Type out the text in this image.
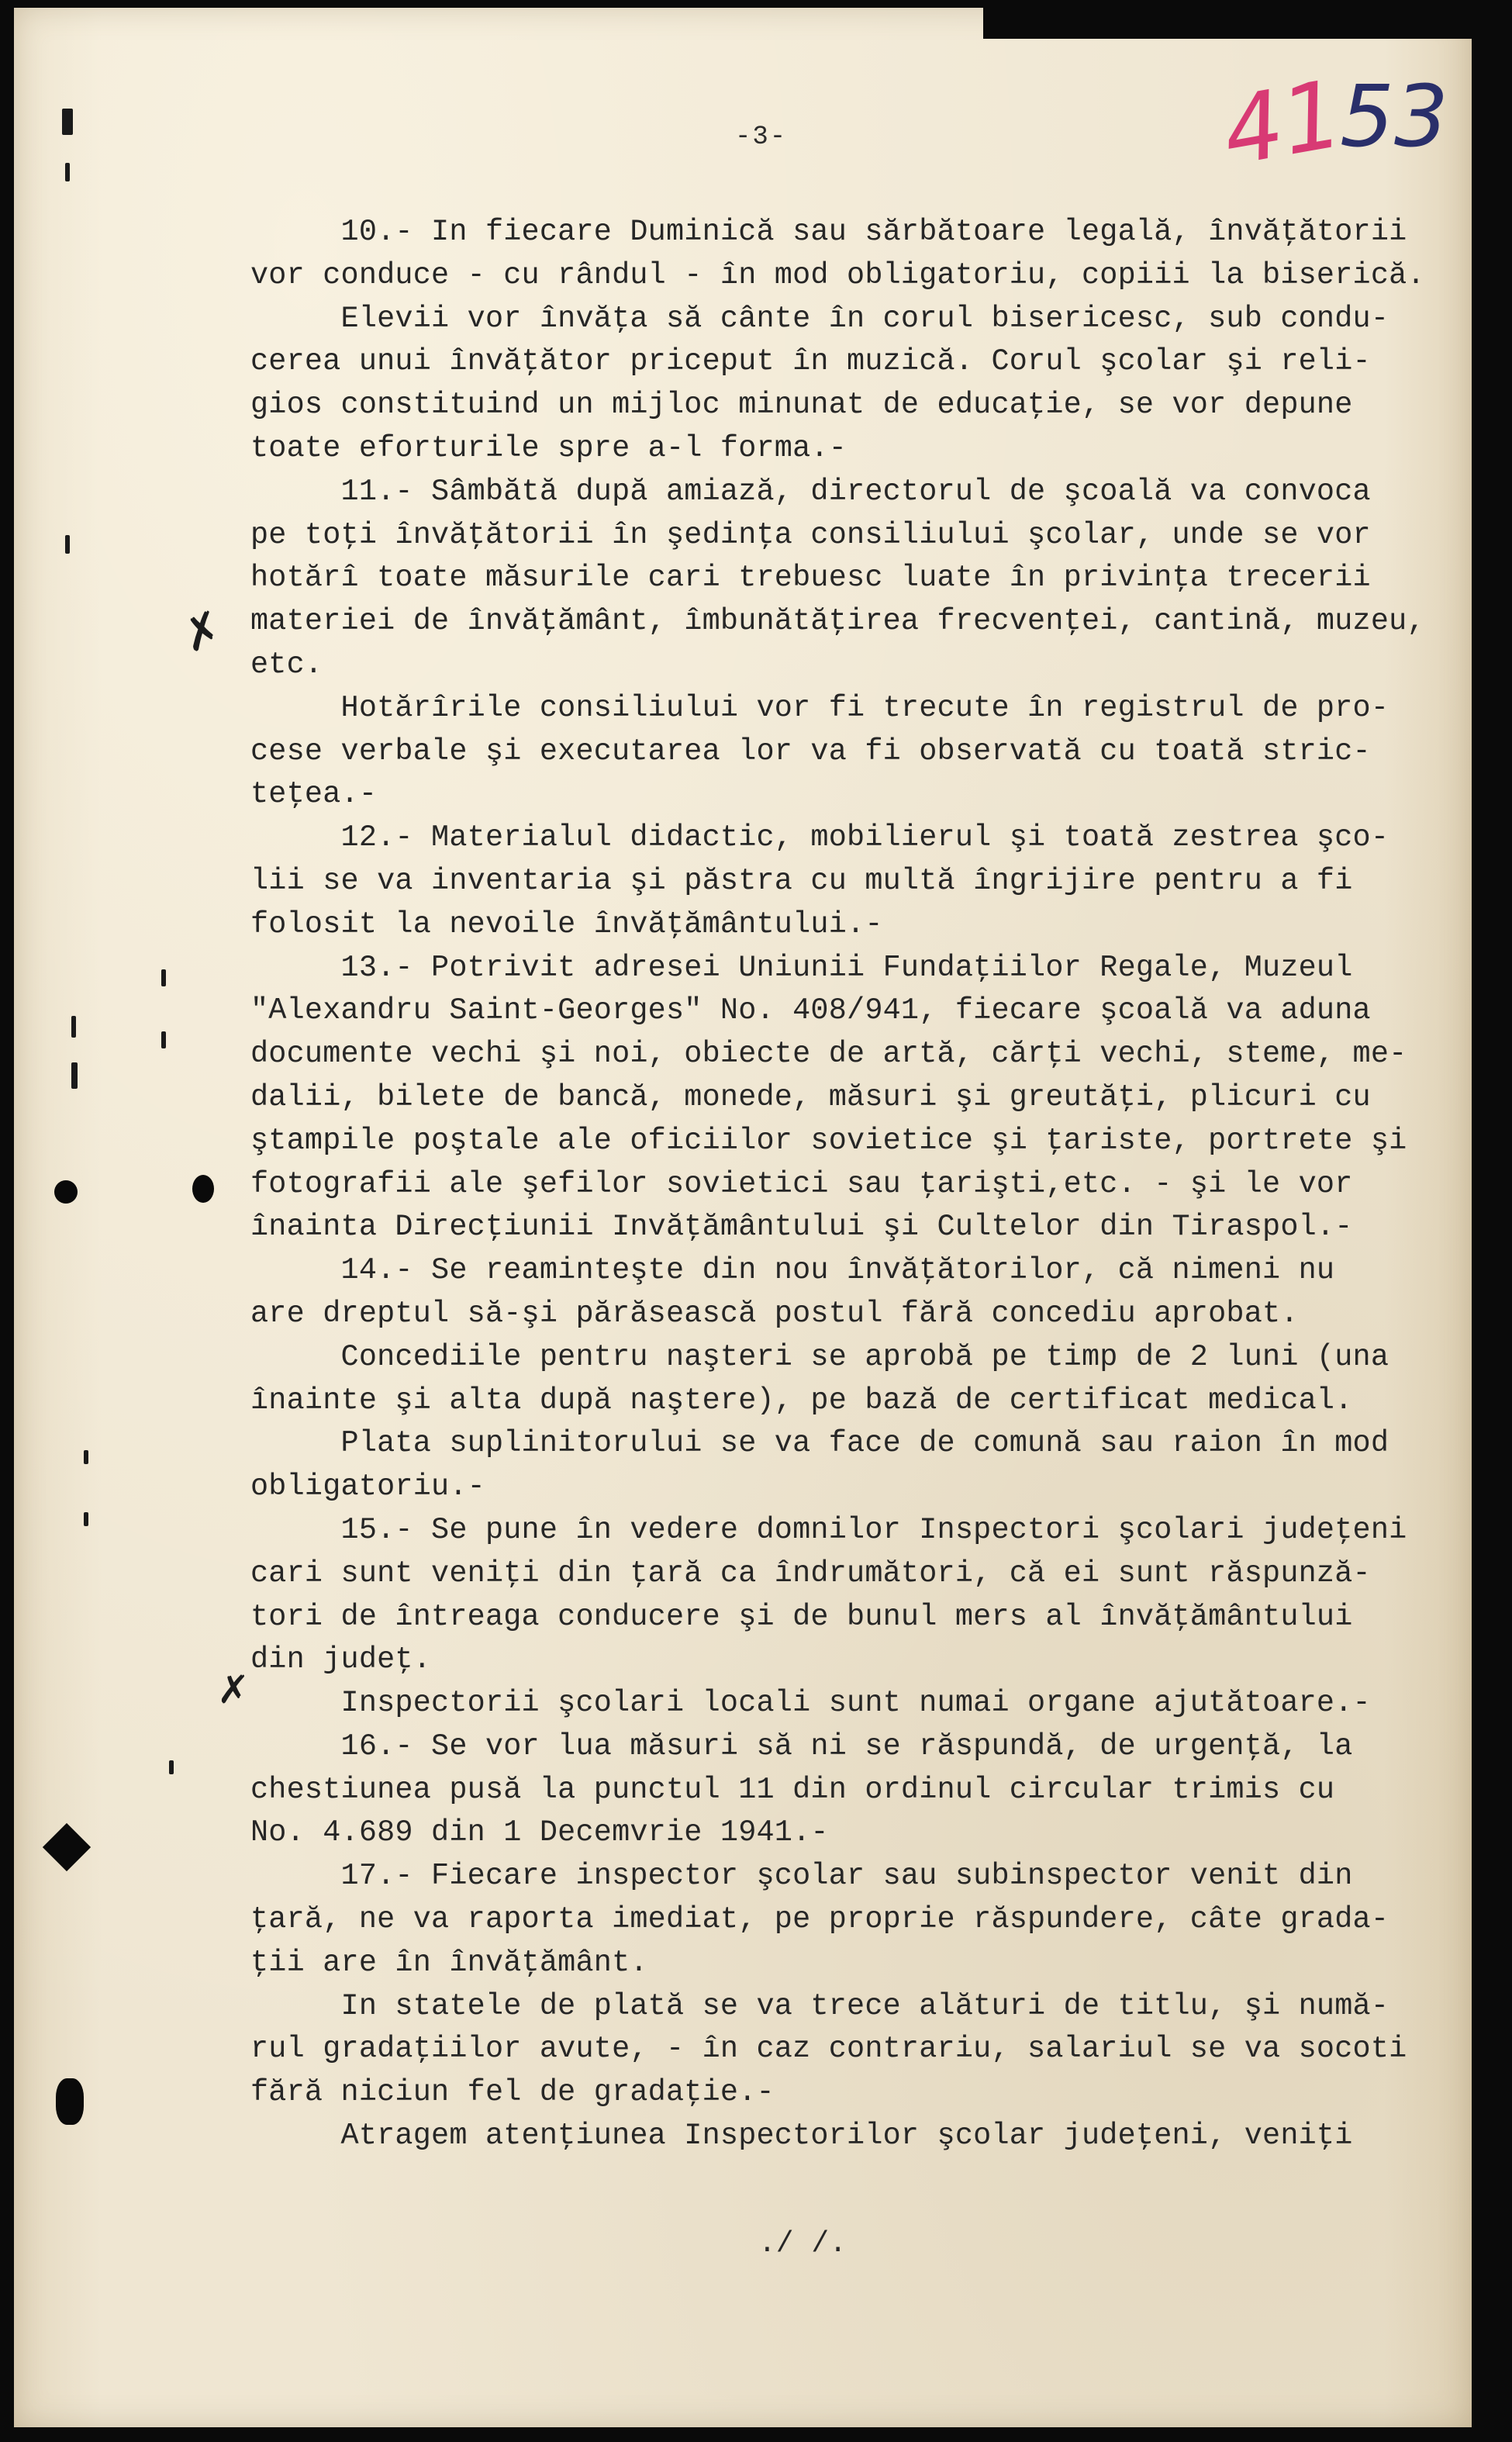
-3-	41
53
10.- In fiecare Duminică sau sărbătoare legală, învăţătorii
vor conduce - cu rândul - în mod obligatoriu, copiii la biserică.
Elevii vor învăţa să cânte în corul bisericesc, sub condu-
cerea unui învăţător priceput în muzică. Corul şcolar şi reli-
gios constituind un mijloc minunat de educaţie, se vor depune
toate eforturile spre a-l forma.-
11.- Sâmbătă după amiază, directorul de şcoală va convoca
pe toţi învăţătorii în şedinţa consiliului şcolar, unde se vor
hotărî toate măsurile cari trebuesc luate în privinţa trecerii
materiei de învăţământ, îmbunătăţirea frecvenţei, cantină, muzeu,
etc.
Hotărîrile consiliului vor fi trecute în registrul de pro-
cese verbale şi executarea lor va fi observată cu toată stric-
teţea.-
12.- Materialul didactic, mobilierul şi toată zestrea şco-
lii se va inventaria şi păstra cu multă îngrijire pentru a fi
folosit la nevoile învăţământului.-
13.- Potrivit adresei Uniunii Fundaţiilor Regale, Muzeul
"Alexandru Saint-Georges" No. 408/941, fiecare şcoală va aduna
documente vechi şi noi, obiecte de artă, cărţi vechi, steme, me-
dalii, bilete de bancă, monede, măsuri şi greutăţi, plicuri cu
ştampile poştale ale oficiilor sovietice şi ţariste, portrete şi
fotografii ale şefilor sovietici sau ţarişti,etc. - şi le vor
înainta Direcţiunii Invăţământului şi Cultelor din Tiraspol.-
14.- Se reaminteşte din nou învăţătorilor, că nimeni nu
are dreptul să-şi părăsească postul fără concediu aprobat.
Concediile pentru naşteri se aprobă pe timp de 2 luni (una
înainte şi alta după naştere), pe bază de certificat medical.
Plata suplinitorului se va face de comună sau raion în mod
obligatoriu.-
15.- Se pune în vedere domnilor Inspectori şcolari judeţeni
cari sunt veniţi din ţară ca îndrumători, că ei sunt răspunză-
tori de întreaga conducere şi de bunul mers al învăţământului
din judeţ.
Inspectorii şcolari locali sunt numai organe ajutătoare.-
16.- Se vor lua măsuri să ni se răspundă, de urgenţă, la
chestiunea pusă la punctul 11 din ordinul circular trimis cu
No. 4.689 din 1 Decemvrie 1941.-
17.- Fiecare inspector şcolar sau subinspector venit din
ţară, ne va raporta imediat, pe proprie răspundere, câte grada-
ţii are în învăţământ.
In statele de plată se va trece alături de titlu, şi numă-
rul gradaţiilor avute, - în caz contrariu, salariul se va socoti
fără niciun fel de gradaţie.-
Atragem atenţiunea Inspectorilor şcolar judeţeni, veniţi
./ /.
✗
✗
